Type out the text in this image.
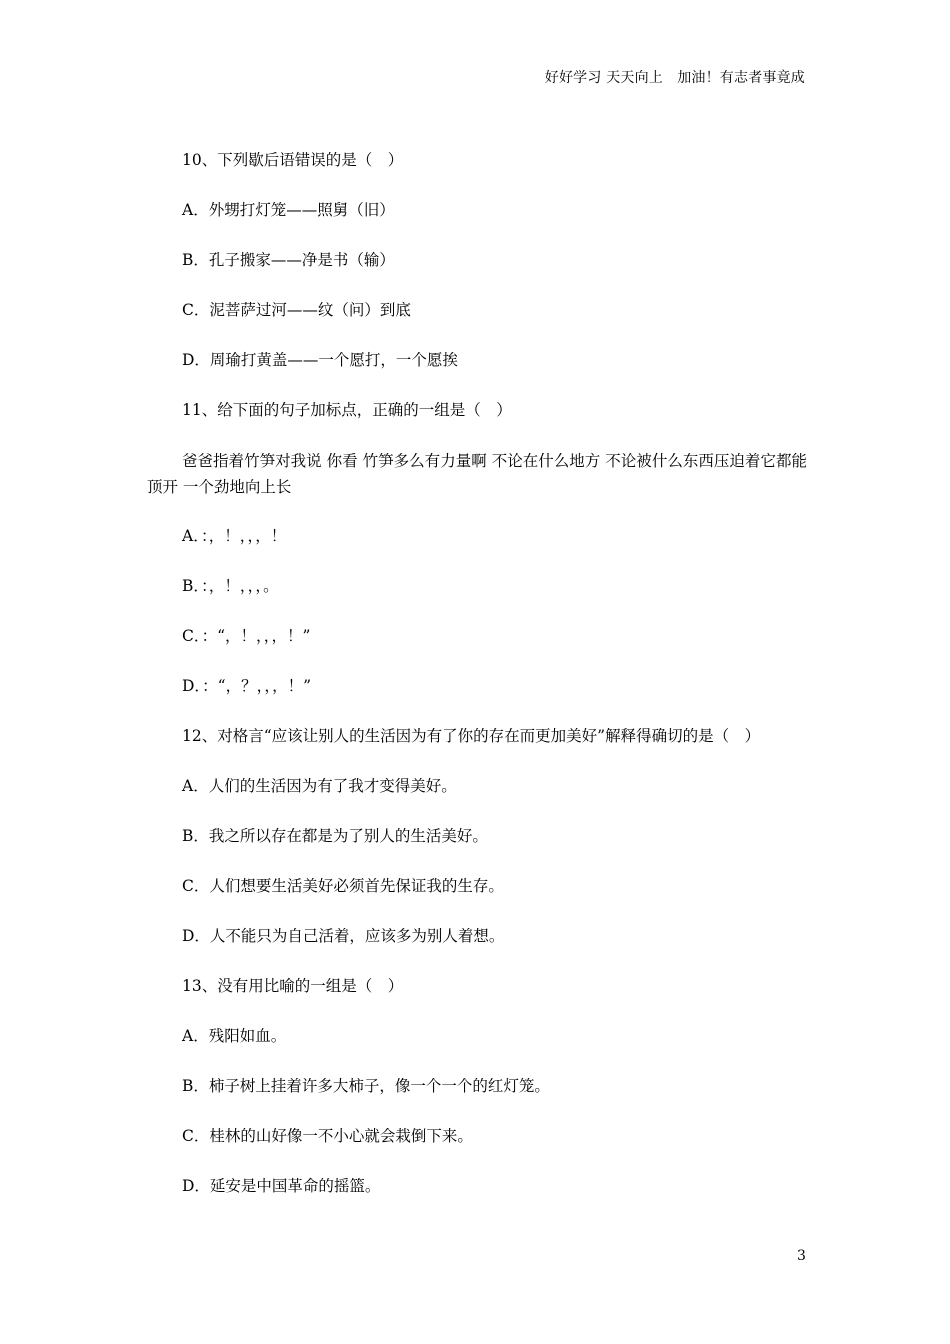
好好学习 天天向上　加油！有志者事竟成
10、下列歇后语错误的是（　）
A．外甥打灯笼——照舅（旧）
B．孔子搬家——净是书（输）
C．泥菩萨过河——纹（问）到底
D．周瑜打黄盖——一个愿打，一个愿挨
11、给下面的句子加标点，正确的一组是（　）
爸爸指着竹笋对我说 你看 竹笋多么有力量啊 不论在什么地方 不论被什么东西压迫着它都能顶开 一个劲地向上长
A．：，！，，，！
B．：，！，，，。
C．：“，！，，，！”
D．：“，？，，，！”
12、对格言“应该让别人的生活因为有了你的存在而更加美好”解释得确切的是（　）
A．人们的生活因为有了我才变得美好。
B．我之所以存在都是为了别人的生活美好。
C．人们想要生活美好必须首先保证我的生存。
D．人不能只为自己活着，应该多为别人着想。
13、没有用比喻的一组是（　）
A．残阳如血。
B．柿子树上挂着许多大柿子，像一个一个的红灯笼。
C．桂林的山好像一不小心就会栽倒下来。
D．延安是中国革命的摇篮。
3
